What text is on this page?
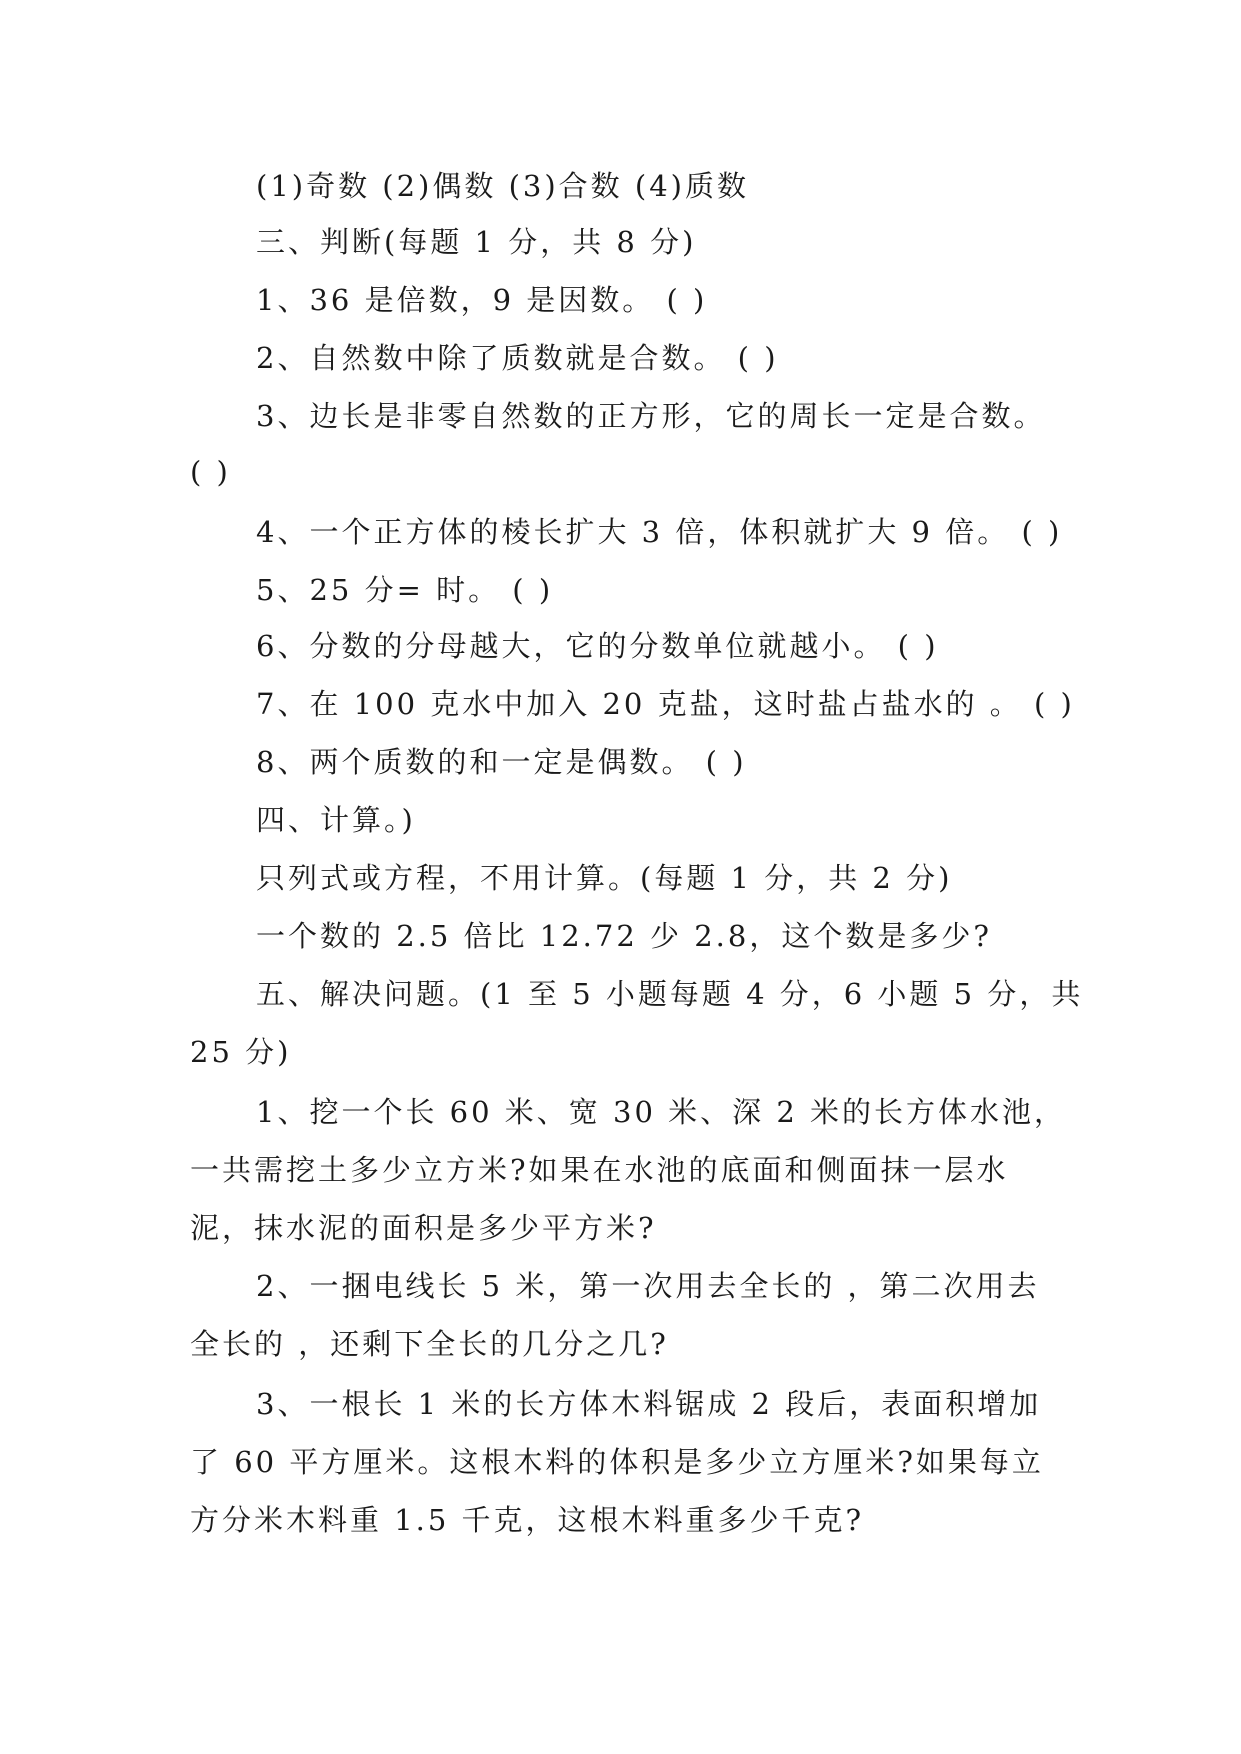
(1)奇数 (2)偶数 (3)合数 (4)质数
三、判断(每题 1 分，共 8 分)
1、36 是倍数，9 是因数。 ( )
2、自然数中除了质数就是合数。 ( )
3、边长是非零自然数的正方形，它的周长一定是合数。
( )
4、一个正方体的棱长扩大 3 倍，体积就扩大 9 倍。 ( )
5、25 分= 时。 ( )
6、分数的分母越大，它的分数单位就越小。 ( )
7、在 100 克水中加入 20 克盐，这时盐占盐水的 。 ( )
8、两个质数的和一定是偶数。 ( )
四、计算。)
只列式或方程，不用计算。(每题 1 分，共 2 分)
一个数的 2.5 倍比 12.72 少 2.8，这个数是多少?
五、解决问题。(1 至 5 小题每题 4 分，6 小题 5 分，共
25 分)
1、挖一个长 60 米、宽 30 米、深 2 米的长方体水池，
一共需挖土多少立方米?如果在水池的底面和侧面抹一层水
泥，抹水泥的面积是多少平方米?
2、一捆电线长 5 米，第一次用去全长的 ，第二次用去
全长的 ，还剩下全长的几分之几?
3、一根长 1 米的长方体木料锯成 2 段后，表面积增加
了 60 平方厘米。这根木料的体积是多少立方厘米?如果每立
方分米木料重 1.5 千克，这根木料重多少千克?
